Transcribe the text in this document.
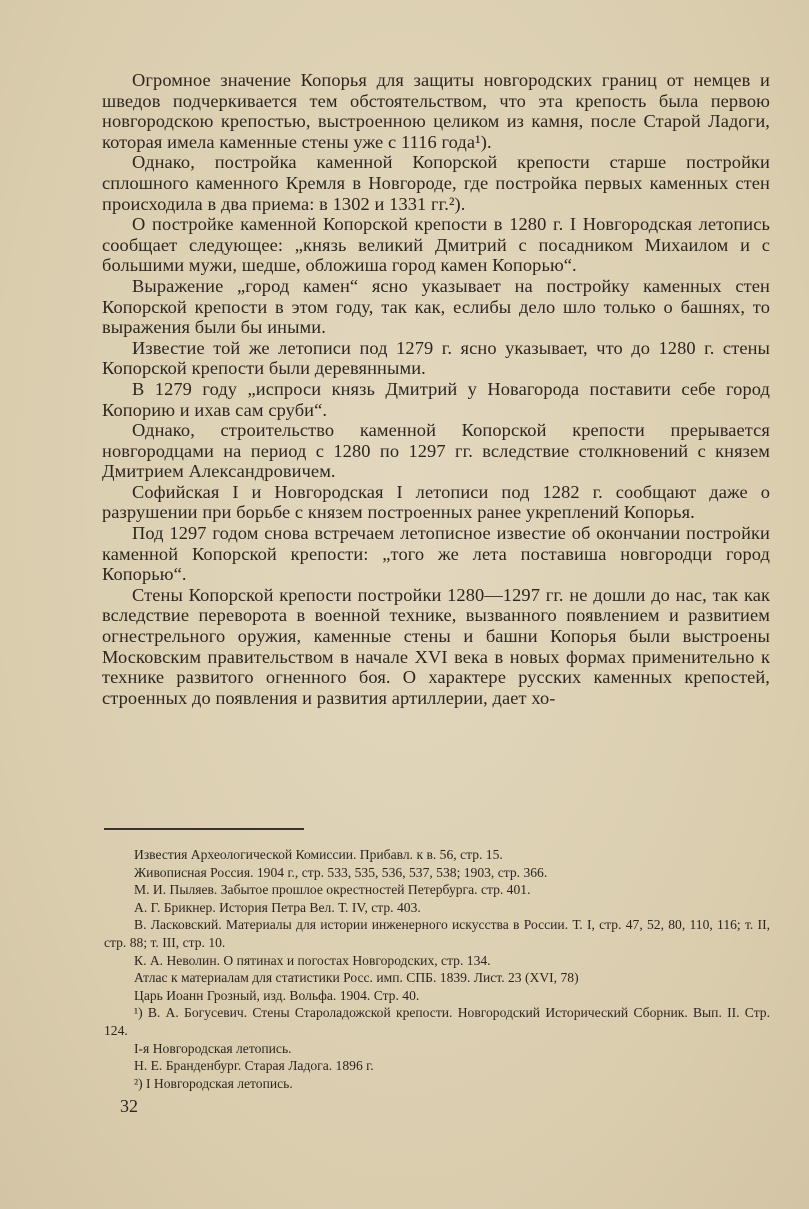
Огромное значение Копорья для защиты новгородских границ от немцев и шведов подчеркивается тем обстоятельством, что эта крепость была первою новгородскою крепостью, выстроенною целиком из камня, после Старой Ладоги, которая имела каменные стены уже с 1116 года¹).

Однако, постройка каменной Копорской крепости старше постройки сплошного каменного Кремля в Новгороде, где постройка первых каменных стен происходила в два приема: в 1302 и 1331 гг.²).

О постройке каменной Копорской крепости в 1280 г. I Новгородская летопись сообщает следующее: „князь великий Дмитрий с посадником Михаилом и с большими мужи, шедше, обложиша город камен Копорью“.

Выражение „город камен“ ясно указывает на постройку каменных стен Копорской крепости в этом году, так как, еслибы дело шло только о башнях, то выражения были бы иными.

Известие той же летописи под 1279 г. ясно указывает, что до 1280 г. стены Копорской крепости были деревянными.

В 1279 году „испроси князь Дмитрий у Новагорода поставити себе город Копорию и ихав сам сруби“.

Однако, строительство каменной Копорской крепости прерывается новгородцами на период с 1280 по 1297 гг. вследствие столкновений с князем Дмитрием Александровичем.

Софийская I и Новгородская I летописи под 1282 г. сообщают даже о разрушении при борьбе с князем построенных ранее укреплений Копорья.

Под 1297 годом снова встречаем летописное известие об окончании постройки каменной Копорской крепости: „того же лета поставиша новгородци город Копорью“.

Стены Копорской крепости постройки 1280—1297 гг. не дошли до нас, так как вследствие переворота в военной технике, вызванного появлением и развитием огнестрельного оружия, каменные стены и башни Копорья были выстроены Московским правительством в начале XVI века в новых формах применительно к технике развитого огненного боя. О характере русских каменных крепостей, строенных до появления и развития артиллерии, дает хо-

Известия Археологической Комиссии. Прибавл. к в. 56, стр. 15.

Живописная Россия. 1904 г., стр. 533, 535, 536, 537, 538; 1903, стр. 366.

М. И. Пыляев. Забытое прошлое окрестностей Петербурга. стр. 401.

А. Г. Брикнер. История Петра Вел. Т. IV, стр. 403.

В. Ласковский. Материалы для истории инженерного искусства в России. Т. I, стр. 47, 52, 80, 110, 116; т. II, стр. 88; т. III, стр. 10.

К. А. Неволин. О пятинах и погостах Новгородских, стр. 134.

Атлас к материалам для статистики Росс. имп. СПБ. 1839. Лист. 23 (XVI, 78)

Царь Иоанн Грозный, изд. Вольфа. 1904. Стр. 40.

¹) В. А. Богусевич. Стены Староладожской крепости. Новгородский Исторический Сборник. Вып. II. Стр. 124.

I-я Новгородская летопись.

Н. Е. Бранденбург. Старая Ладога. 1896 г.

²) I Новгородская летопись.

32
